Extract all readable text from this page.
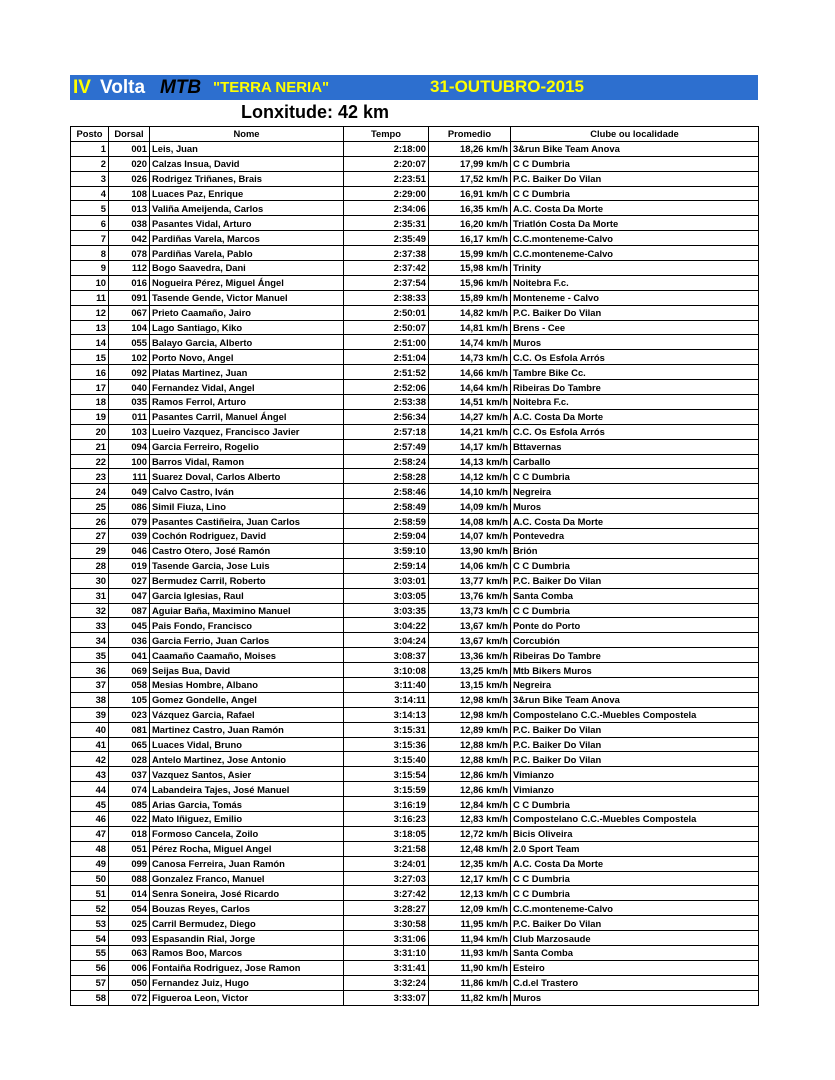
IV Volta MTB "TERRA NERIA"	31-OUTUBRO-2015
Lonxitude: 42 km
Posto	Dorsal	Nome	Tempo	Promedio	Clube ou localidade
1	001	Leis, Juan	2:18:00	18,26 km/h	3&run Bike Team Anova
2	020	Calzas Insua, David	2:20:07	17,99 km/h	C C Dumbria
3	026	Rodrigez Triñanes, Brais	2:23:51	17,52 km/h	P.C. Baiker Do Vilan
4	108	Luaces Paz, Enrique	2:29:00	16,91 km/h	C C Dumbria
5	013	Valiña Ameijenda, Carlos	2:34:06	16,35 km/h	A.C. Costa Da Morte
6	038	Pasantes Vidal, Arturo	2:35:31	16,20 km/h	Triatlón Costa Da Morte
7	042	Pardiñas Varela, Marcos	2:35:49	16,17 km/h	C.C.monteneme-Calvo
8	078	Pardiñas Varela, Pablo	2:37:38	15,99 km/h	C.C.monteneme-Calvo
9	112	Bogo Saavedra, Dani	2:37:42	15,98 km/h	Trinity
10	016	Nogueira Pérez, Miguel Ángel	2:37:54	15,96 km/h	Noitebra F.c.
11	091	Tasende Gende, Victor Manuel	2:38:33	15,89 km/h	Monteneme - Calvo
12	067	Prieto Caamaño, Jairo	2:50:01	14,82 km/h	P.C. Baiker Do Vilan
13	104	Lago Santiago, Kiko	2:50:07	14,81 km/h	Brens - Cee
14	055	Balayo Garcia, Alberto	2:51:00	14,74 km/h	Muros
15	102	Porto Novo, Angel	2:51:04	14,73 km/h	C.C. Os Esfola Arrós
16	092	Platas Martinez, Juan	2:51:52	14,66 km/h	Tambre Bike Cc.
17	040	Fernandez Vidal, Angel	2:52:06	14,64 km/h	Ribeiras Do Tambre
18	035	Ramos Ferrol, Arturo	2:53:38	14,51 km/h	Noitebra F.c.
19	011	Pasantes Carril, Manuel Ángel	2:56:34	14,27 km/h	A.C. Costa Da Morte
20	103	Lueiro Vazquez, Francisco Javier	2:57:18	14,21 km/h	C.C. Os Esfola Arrós
21	094	Garcia Ferreiro, Rogelio	2:57:49	14,17 km/h	Bttavernas
22	100	Barros Vidal, Ramon	2:58:24	14,13 km/h	Carballo
23	111	Suarez Doval, Carlos Alberto	2:58:28	14,12 km/h	C C Dumbria
24	049	Calvo Castro, Iván	2:58:46	14,10 km/h	Negreira
25	086	Simil Fiuza, Lino	2:58:49	14,09 km/h	Muros
26	079	Pasantes Castiñeira, Juan Carlos	2:58:59	14,08 km/h	A.C. Costa Da Morte
27	039	Cochón Rodriguez, David	2:59:04	14,07 km/h	Pontevedra
29	046	Castro Otero, José Ramón	3:59:10	13,90 km/h	Brión
28	019	Tasende Garcia, Jose Luis	2:59:14	14,06 km/h	C C Dumbria
30	027	Bermudez Carril, Roberto	3:03:01	13,77 km/h	P.C. Baiker Do Vilan
31	047	Garcia Iglesias, Raul	3:03:05	13,76 km/h	Santa Comba
32	087	Aguiar Baña, Maximino Manuel	3:03:35	13,73 km/h	C C Dumbria
33	045	Pais Fondo, Francisco	3:04:22	13,67 km/h	Ponte do Porto
34	036	Garcia Ferrio, Juan Carlos	3:04:24	13,67 km/h	Corcubión
35	041	Caamaño Caamaño, Moises	3:08:37	13,36 km/h	Ribeiras Do Tambre
36	069	Seijas Bua, David	3:10:08	13,25 km/h	Mtb Bikers Muros
37	058	Mesias Hombre, Albano	3:11:40	13,15 km/h	Negreira
38	105	Gomez Gondelle, Angel	3:14:11	12,98 km/h	3&run Bike Team Anova
39	023	Vázquez Garcia, Rafael	3:14:13	12,98 km/h	Compostelano C.C.-Muebles Compostela
40	081	Martinez Castro, Juan Ramón	3:15:31	12,89 km/h	P.C. Baiker Do Vilan
41	065	Luaces Vidal, Bruno	3:15:36	12,88 km/h	P.C. Baiker Do Vilan
42	028	Antelo Martinez, Jose Antonio	3:15:40	12,88 km/h	P.C. Baiker Do Vilan
43	037	Vazquez Santos, Asier	3:15:54	12,86 km/h	Vimianzo
44	074	Labandeira Tajes, José Manuel	3:15:59	12,86 km/h	Vimianzo
45	085	Arias Garcia, Tomás	3:16:19	12,84 km/h	C C Dumbria
46	022	Mato Iñiguez, Emilio	3:16:23	12,83 km/h	Compostelano C.C.-Muebles Compostela
47	018	Formoso Cancela, Zoilo	3:18:05	12,72 km/h	Bicis Oliveira
48	051	Pérez Rocha, Miguel Angel	3:21:58	12,48 km/h	2.0 Sport Team
49	099	Canosa Ferreira, Juan Ramón	3:24:01	12,35 km/h	A.C. Costa Da Morte
50	088	Gonzalez Franco, Manuel	3:27:03	12,17 km/h	C C Dumbria
51	014	Senra Soneira, José Ricardo	3:27:42	12,13 km/h	C C Dumbria
52	054	Bouzas Reyes, Carlos	3:28:27	12,09 km/h	C.C.monteneme-Calvo
53	025	Carril Bermudez, Diego	3:30:58	11,95 km/h	P.C. Baiker Do Vilan
54	093	Espasandin Rial, Jorge	3:31:06	11,94 km/h	Club Marzosaude
55	063	Ramos Boo, Marcos	3:31:10	11,93 km/h	Santa Comba
56	006	Fontaiña Rodriguez, Jose Ramon	3:31:41	11,90 km/h	Esteiro
57	050	Fernandez Juiz, Hugo	3:32:24	11,86 km/h	C.d.el Trastero
58	072	Figueroa Leon, Victor	3:33:07	11,82 km/h	Muros
